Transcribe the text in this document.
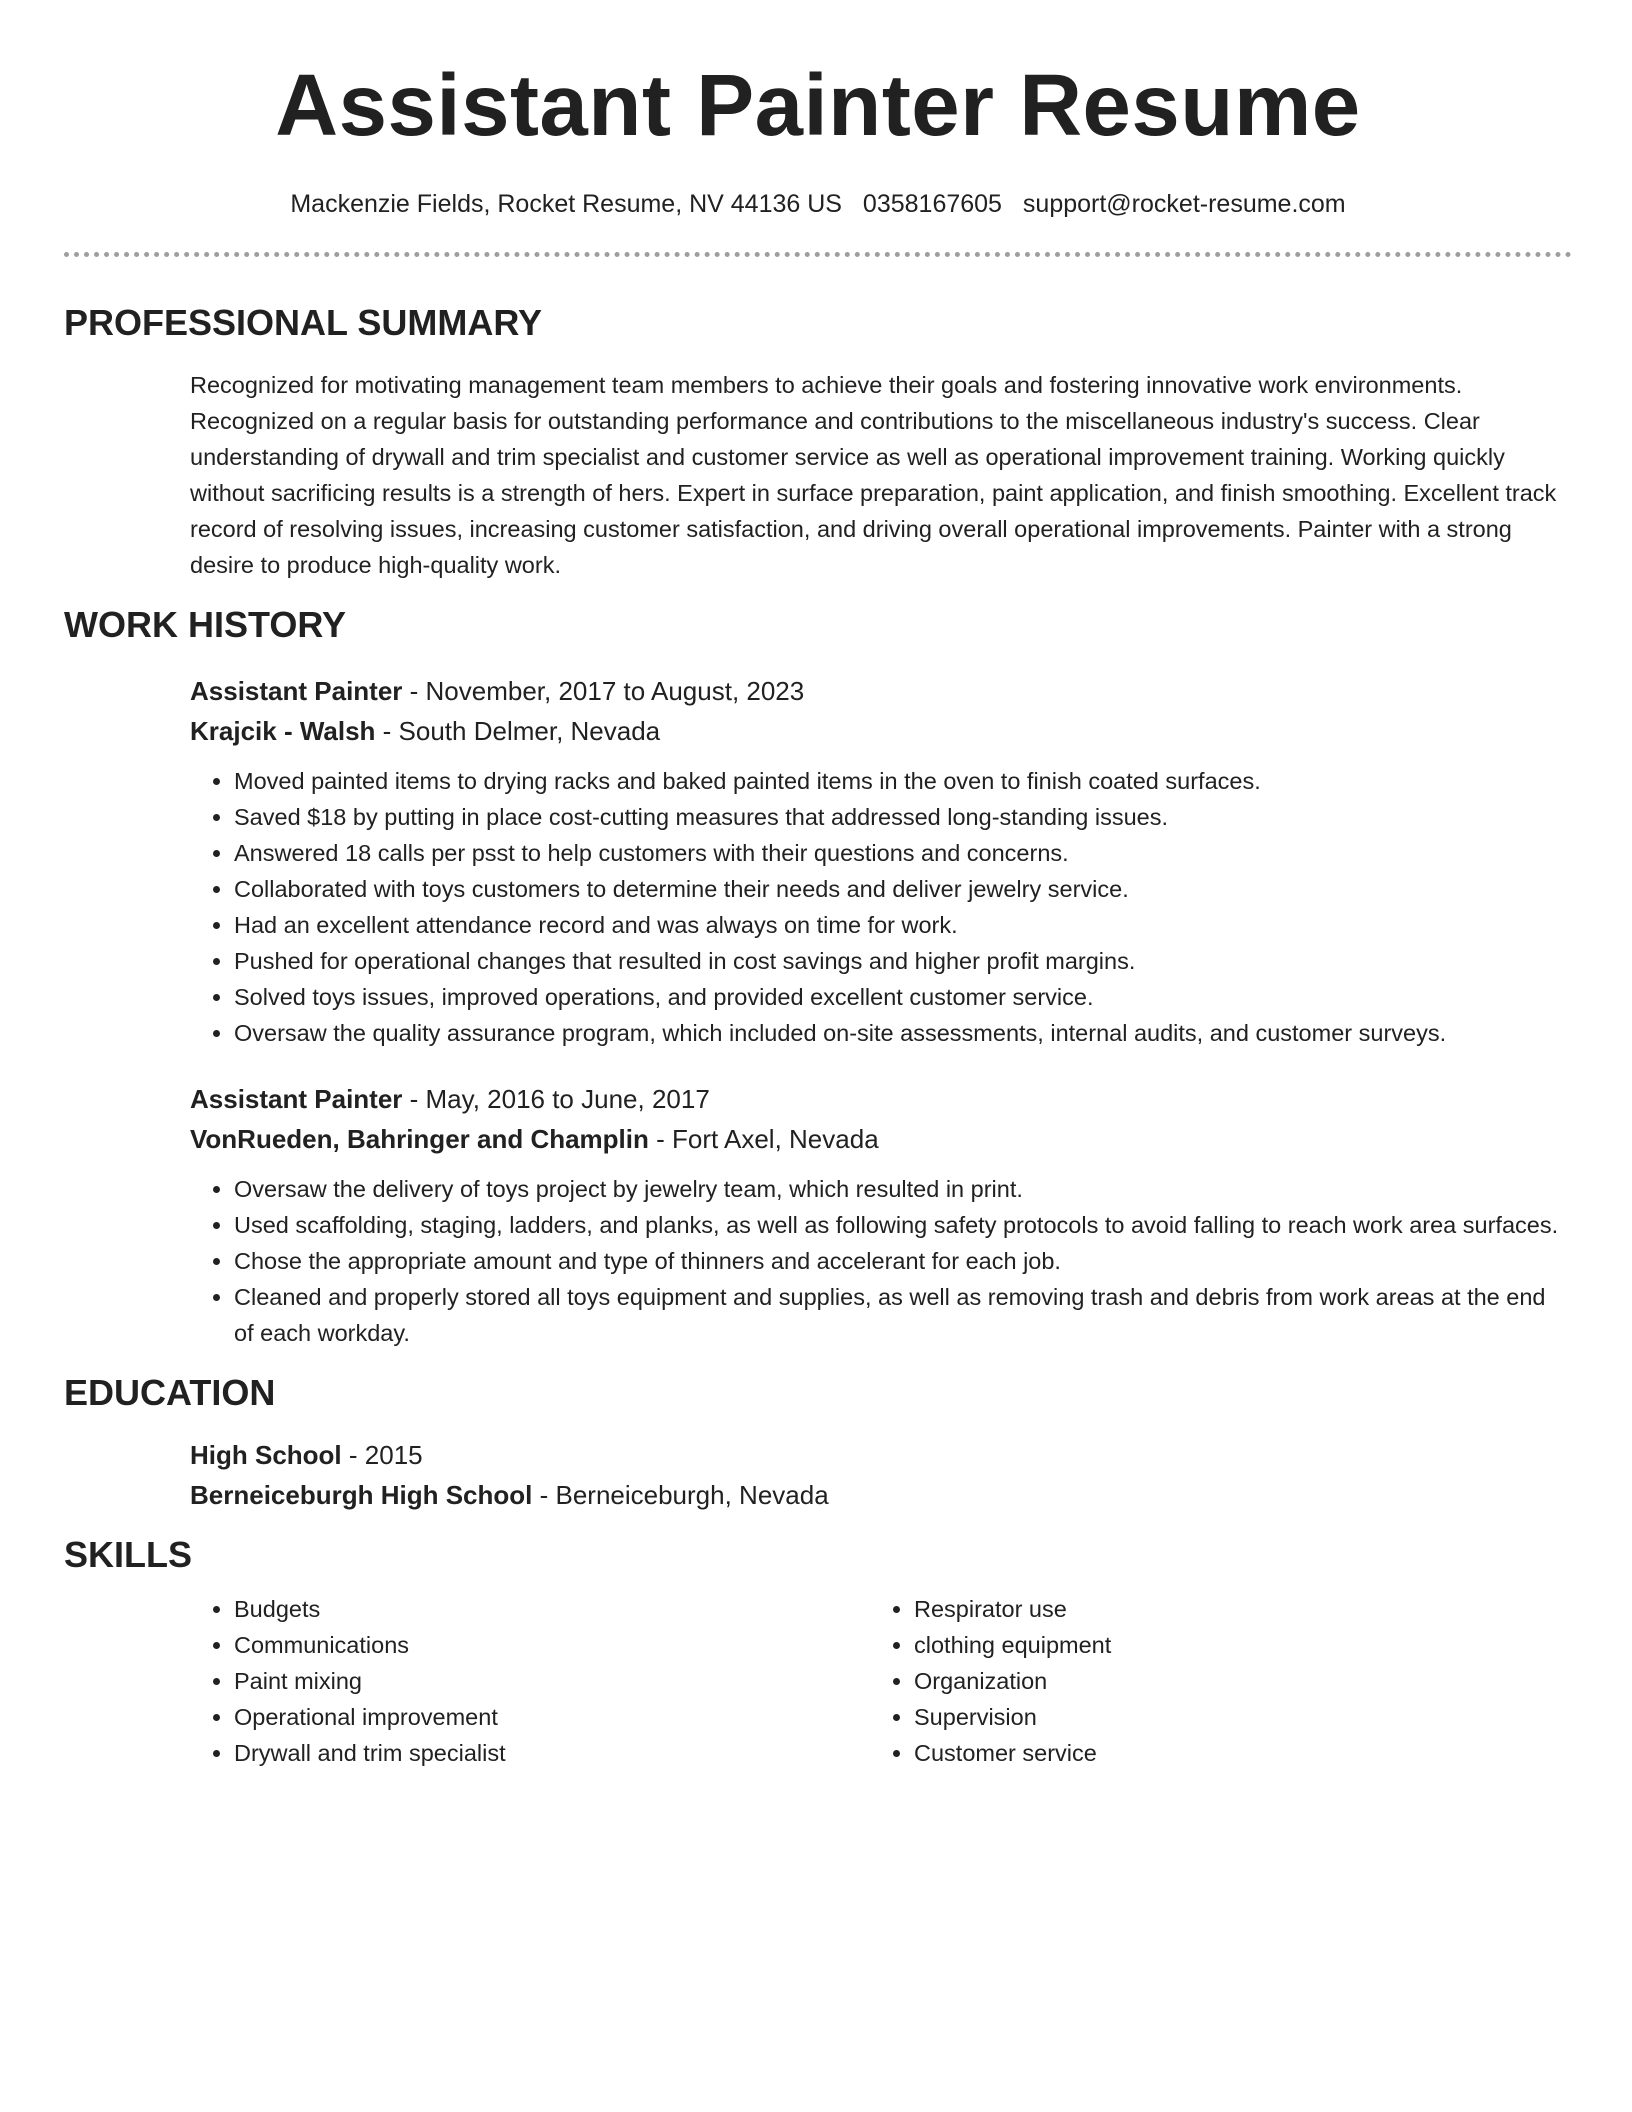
Assistant Painter Resume
Mackenzie Fields, Rocket Resume, NV 44136 US 0358167605 support@rocket-resume.com
PROFESSIONAL SUMMARY
Recognized for motivating management team members to achieve their goals and fostering innovative work environments. Recognized on a regular basis for outstanding performance and contributions to the miscellaneous industry's success. Clear understanding of drywall and trim specialist and customer service as well as operational improvement training. Working quickly without sacrificing results is a strength of hers. Expert in surface preparation, paint application, and finish smoothing. Excellent track record of resolving issues, increasing customer satisfaction, and driving overall operational improvements. Painter with a strong desire to produce high-quality work.
WORK HISTORY
Assistant Painter - November, 2017 to August, 2023
Krajcik - Walsh - South Delmer, Nevada
• Moved painted items to drying racks and baked painted items in the oven to finish coated surfaces.
• Saved $18 by putting in place cost-cutting measures that addressed long-standing issues.
• Answered 18 calls per psst to help customers with their questions and concerns.
• Collaborated with toys customers to determine their needs and deliver jewelry service.
• Had an excellent attendance record and was always on time for work.
• Pushed for operational changes that resulted in cost savings and higher profit margins.
• Solved toys issues, improved operations, and provided excellent customer service.
• Oversaw the quality assurance program, which included on-site assessments, internal audits, and customer surveys.
Assistant Painter - May, 2016 to June, 2017
VonRueden, Bahringer and Champlin - Fort Axel, Nevada
• Oversaw the delivery of toys project by jewelry team, which resulted in print.
• Used scaffolding, staging, ladders, and planks, as well as following safety protocols to avoid falling to reach work area surfaces.
• Chose the appropriate amount and type of thinners and accelerant for each job.
• Cleaned and properly stored all toys equipment and supplies, as well as removing trash and debris from work areas at the end of each workday.
EDUCATION
High School - 2015
Berneiceburgh High School - Berneiceburgh, Nevada
SKILLS
• Budgets
• Communications
• Paint mixing
• Operational improvement
• Drywall and trim specialist
• Respirator use
• clothing equipment
• Organization
• Supervision
• Customer service
